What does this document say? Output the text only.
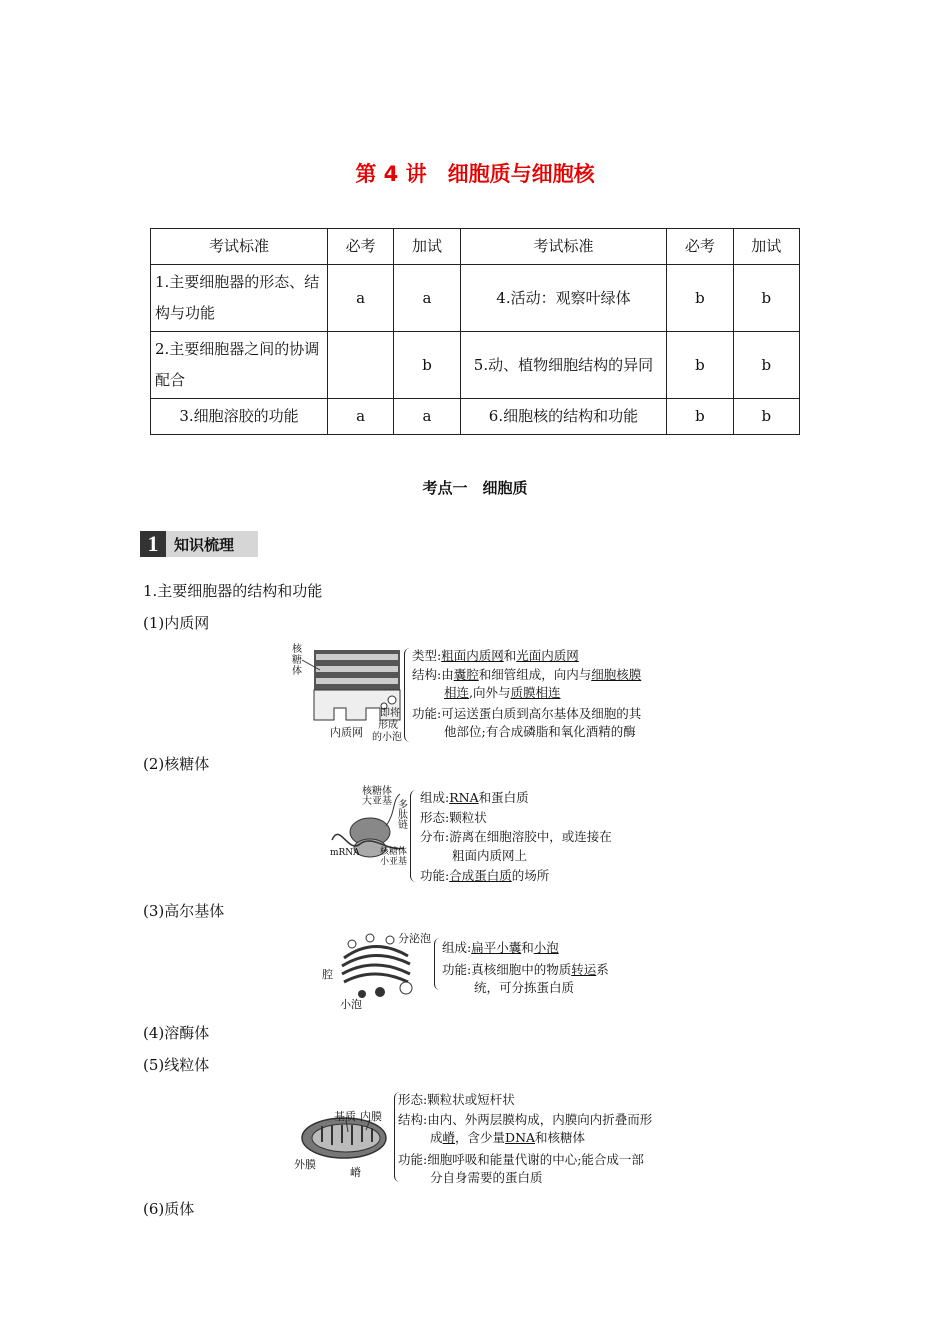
第 4 讲　细胞质与细胞核
考试标准	必考	加试	考试标准	必考	加试
1.主要细胞器的形态、结构与功能	a	a	4.活动：观察叶绿体	b	b
2.主要细胞器之间的协调配合		b	5.动、植物细胞结构的异同	b	b
3.细胞溶胶的功能	a	a	6.细胞核的结构和功能	b	b
考点一　细胞质
1	知识梳理
1.主要细胞器的结构和功能
(1)内质网
核糖体
内质网
即将
形成
的小泡
类型:粗面内质网和光面内质网
结构:由囊腔和细管组成，向内与细胞核膜
相连,向外与质膜相连
功能:可运送蛋白质到高尔基体及细胞的其
他部位;有合成磷脂和氧化酒精的酶
(2)核糖体
核糖体
大亚基 多
肽
链
mRNA 核糖体
小亚基
组成:RNA和蛋白质
形态:颗粒状
分布:游离在细胞溶胶中，或连接在
粗面内质网上
功能:合成蛋白质的场所
(3)高尔基体
分泌泡
腔
小泡
组成:扁平小囊和小泡
功能:真核细胞中的物质转运系
统，可分拣蛋白质
(4)溶酶体
(5)线粒体
基质 内膜
外膜
嵴
形态:颗粒状或短杆状
结构:由内、外两层膜构成，内膜向内折叠而形
成嵴，含少量DNA和核糖体
功能:细胞呼吸和能量代谢的中心;能合成一部
分自身需要的蛋白质
(6)质体
